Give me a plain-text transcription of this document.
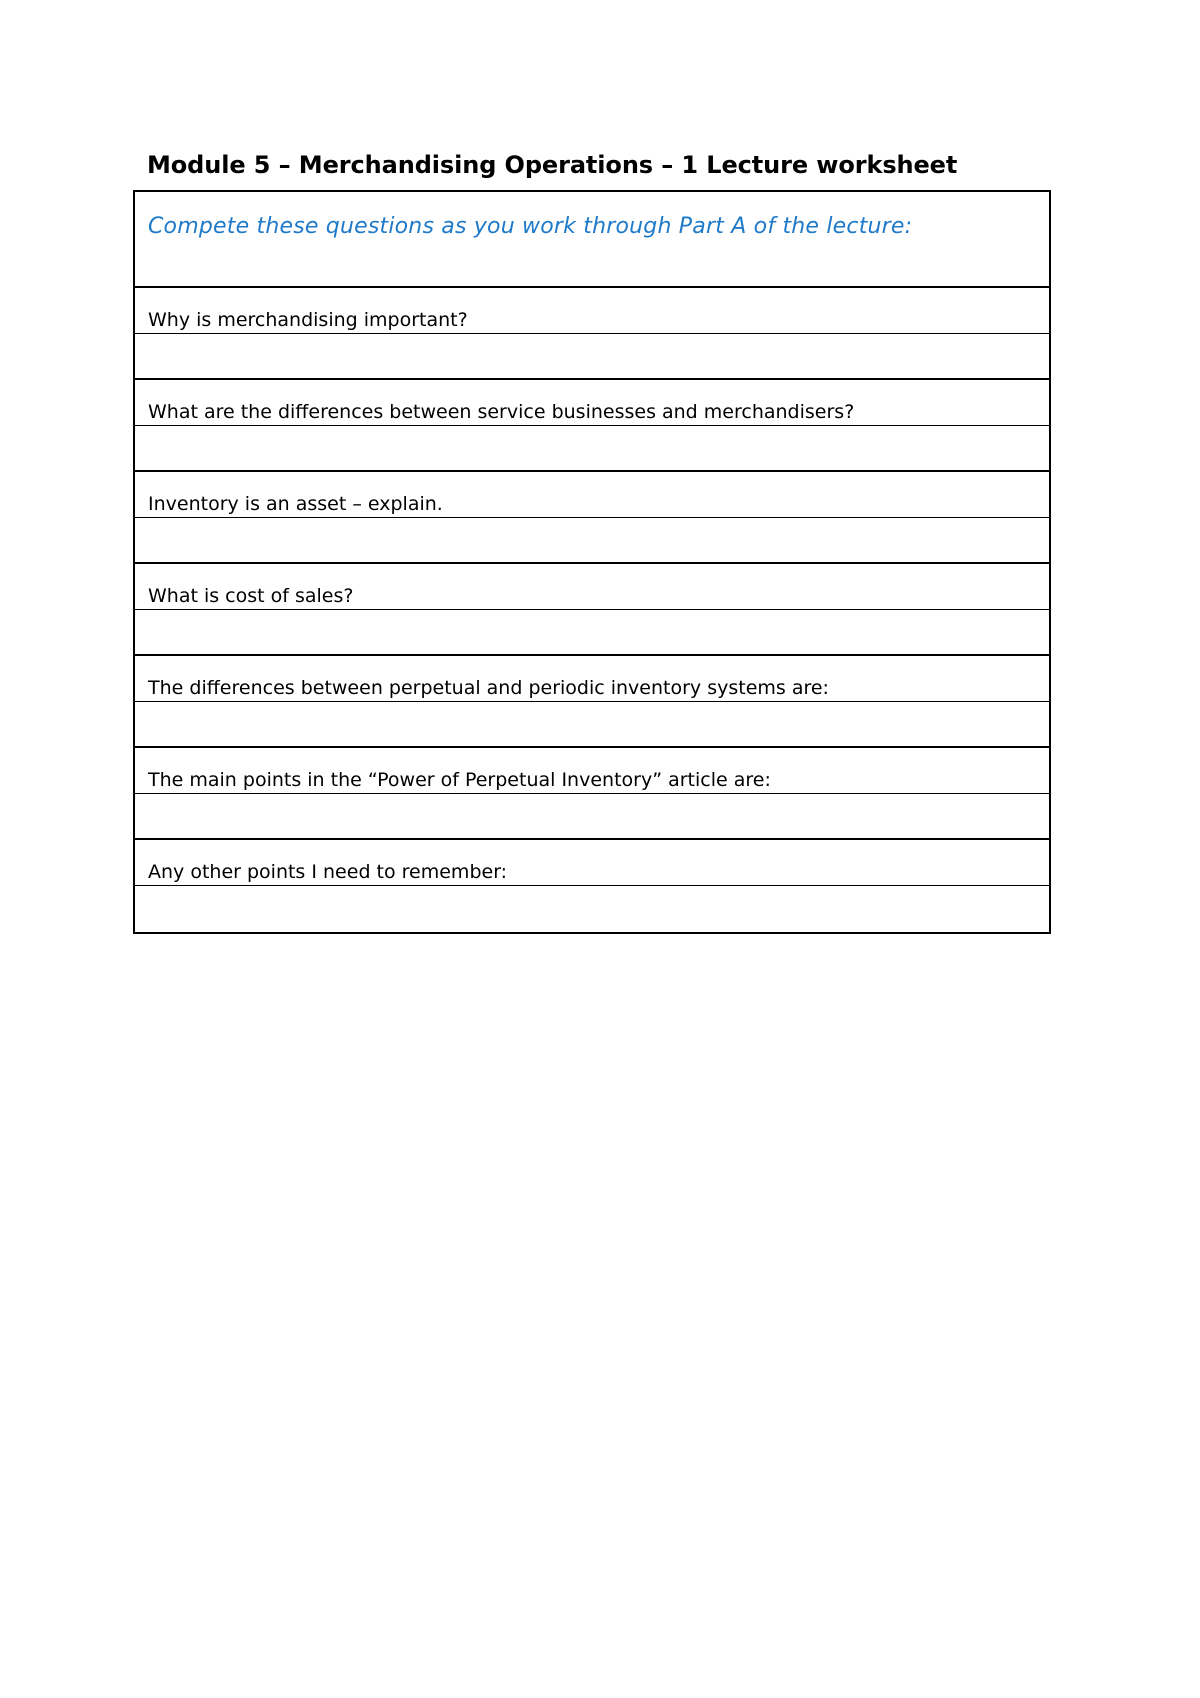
Module 5 – Merchandising Operations – 1 Lecture worksheet
Compete these questions as you work through Part A of the lecture:
Why is merchandising important?
What are the differences between service businesses and merchandisers?
Inventory is an asset – explain.
What is cost of sales?
The differences between perpetual and periodic inventory systems are:
The main points in the “Power of Perpetual Inventory” article are:
Any other points I need to remember:
